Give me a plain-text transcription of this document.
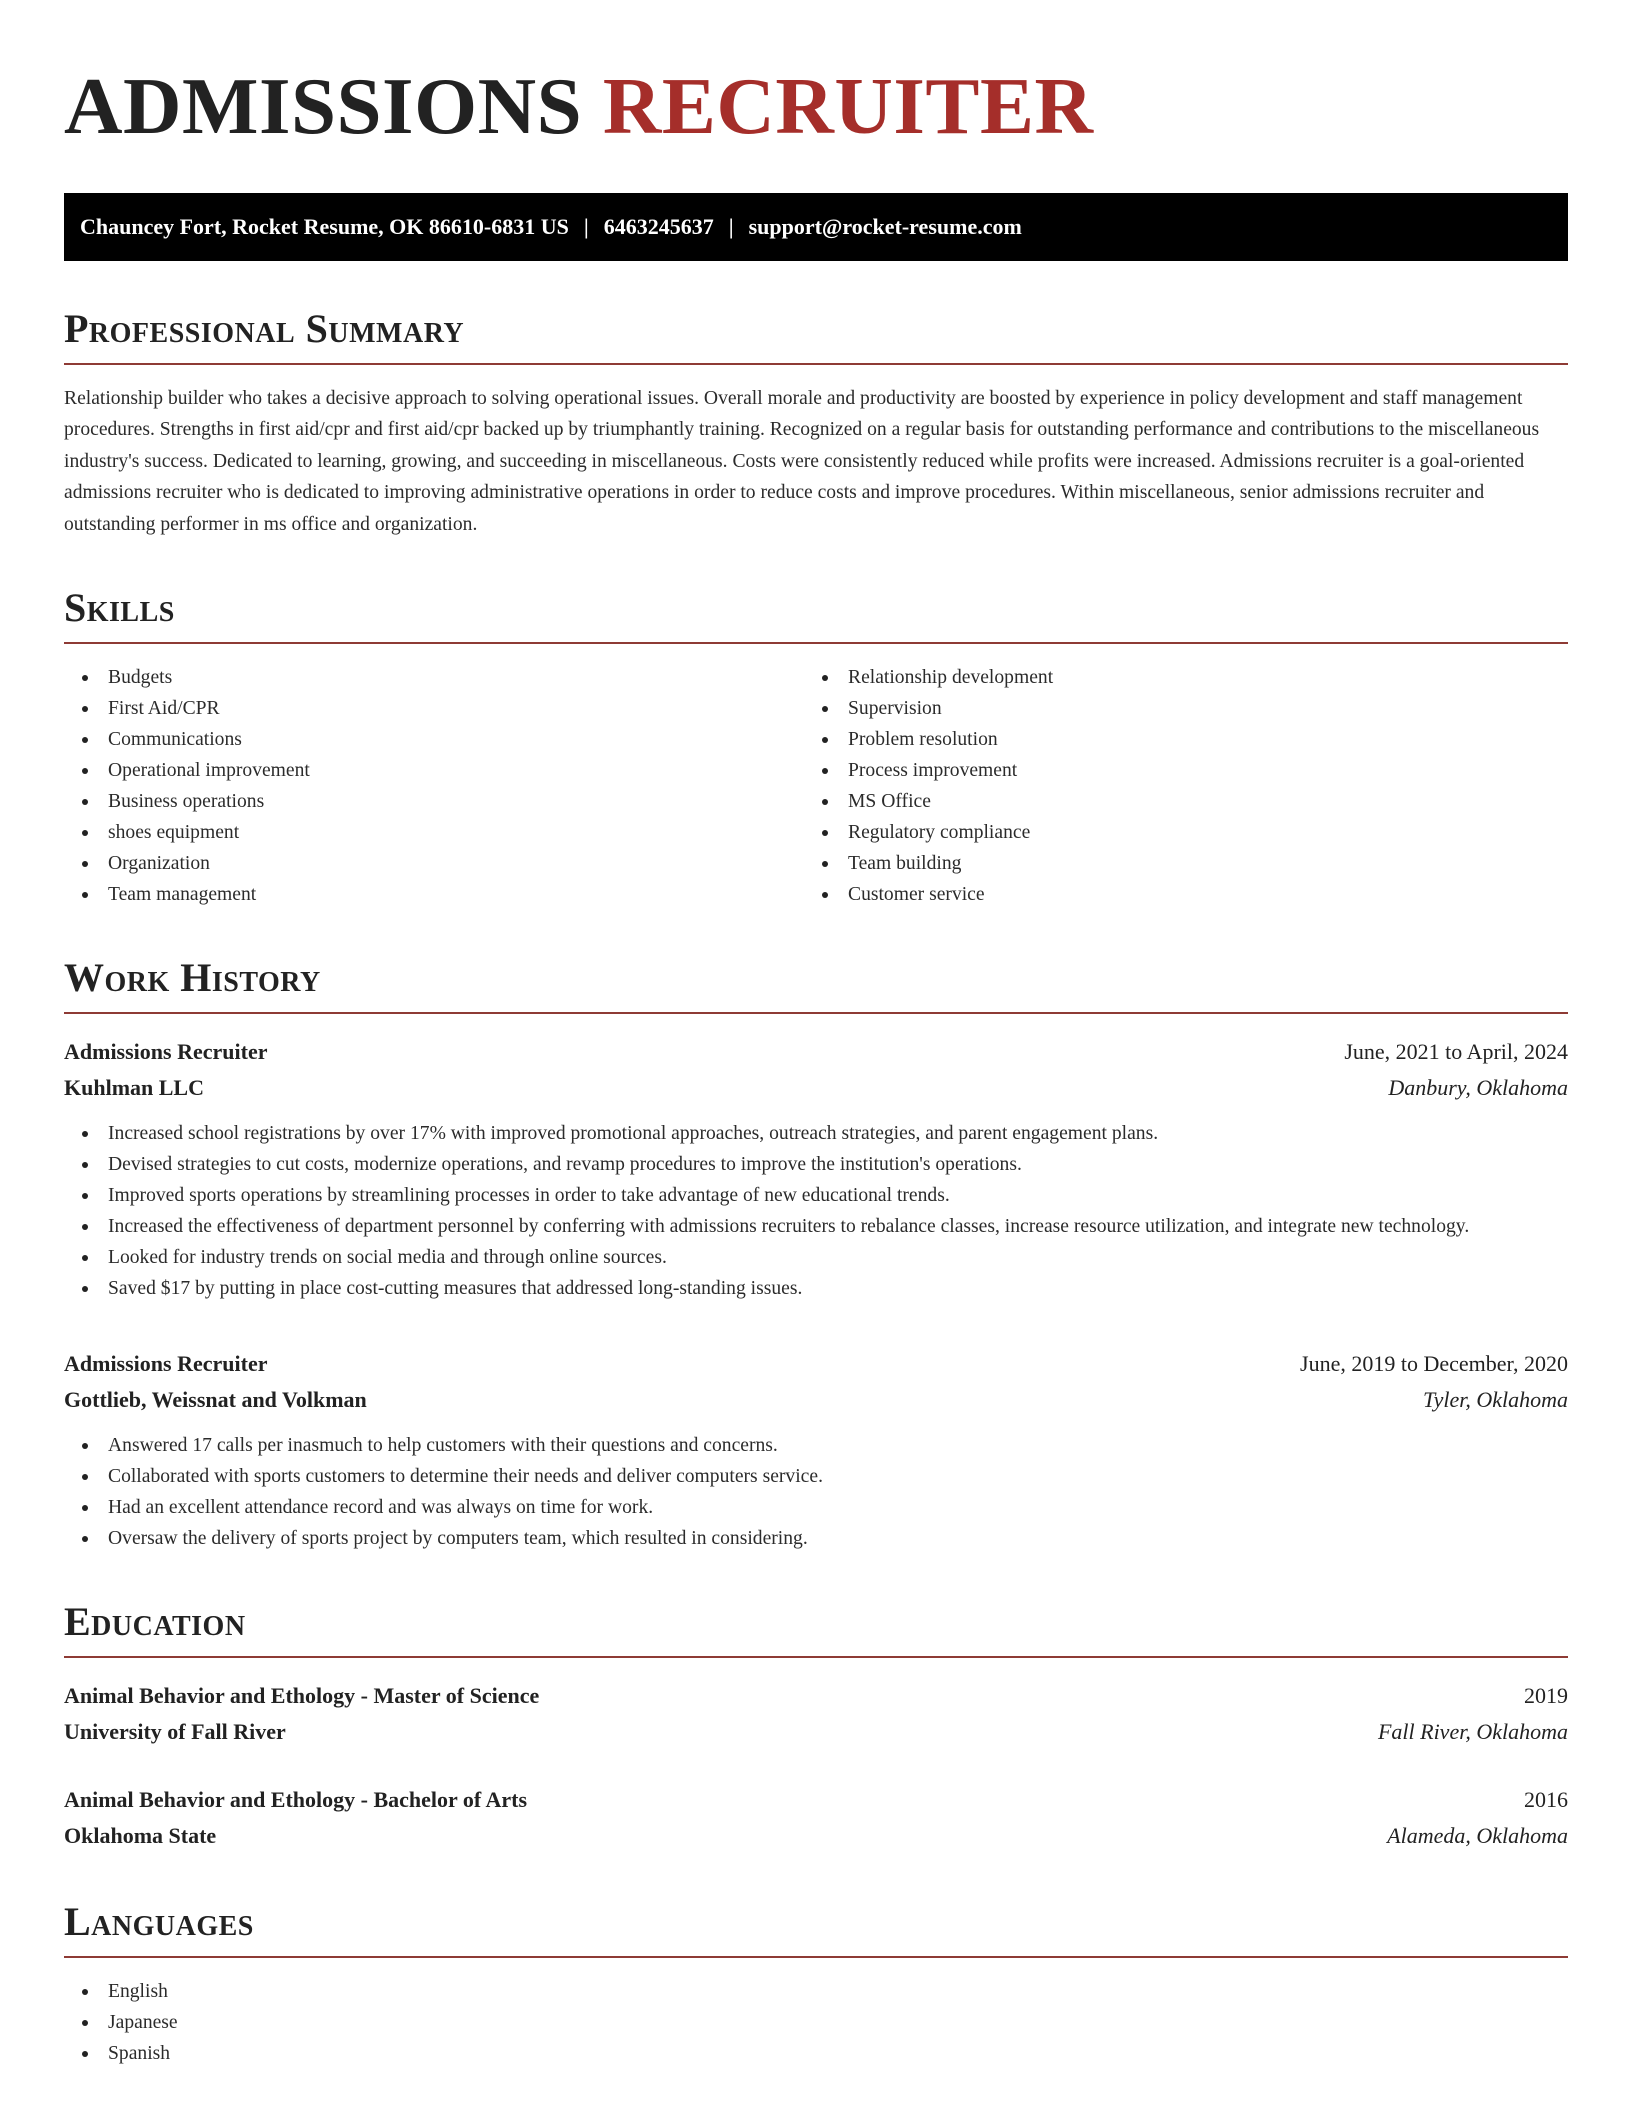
ADMISSIONS RECRUITER
Chauncey Fort, Rocket Resume, OK 86610-6831 US | 6463245637 | support@rocket-resume.com
Professional Summary

Relationship builder who takes a decisive approach to solving operational issues. Overall morale and productivity are boosted by experience in policy development and staff management procedures. Strengths in first aid/cpr and first aid/cpr backed up by triumphantly training. Recognized on a regular basis for outstanding performance and contributions to the miscellaneous industry's success. Dedicated to learning, growing, and succeeding in miscellaneous. Costs were consistently reduced while profits were increased. Admissions recruiter is a goal-oriented admissions recruiter who is dedicated to improving administrative operations in order to reduce costs and improve procedures. Within miscellaneous, senior admissions recruiter and outstanding performer in ms office and organization.

Skills
Budgets
First Aid/CPR
Communications
Operational improvement
Business operations
shoes equipment
Organization
Team management
Relationship development
Supervision
Problem resolution
Process improvement
MS Office
Regulatory compliance
Team building
Customer service
Work History
Admissions Recruiter	June, 2021 to April, 2024
Kuhlman LLC	Danbury, Oklahoma
Increased school registrations by over 17% with improved promotional approaches, outreach strategies, and parent engagement plans.
Devised strategies to cut costs, modernize operations, and revamp procedures to improve the institution's operations.
Improved sports operations by streamlining processes in order to take advantage of new educational trends.
Increased the effectiveness of department personnel by conferring with admissions recruiters to rebalance classes, increase resource utilization, and integrate new technology.
Looked for industry trends on social media and through online sources.
Saved $17 by putting in place cost-cutting measures that addressed long-standing issues.
Admissions Recruiter	June, 2019 to December, 2020
Gottlieb, Weissnat and Volkman	Tyler, Oklahoma
Answered 17 calls per inasmuch to help customers with their questions and concerns.
Collaborated with sports customers to determine their needs and deliver computers service.
Had an excellent attendance record and was always on time for work.
Oversaw the delivery of sports project by computers team, which resulted in considering.
Education
Animal Behavior and Ethology - Master of Science	2019
University of Fall River	Fall River, Oklahoma
Animal Behavior and Ethology - Bachelor of Arts	2016
Oklahoma State	Alameda, Oklahoma
Languages
English
Japanese
Spanish
